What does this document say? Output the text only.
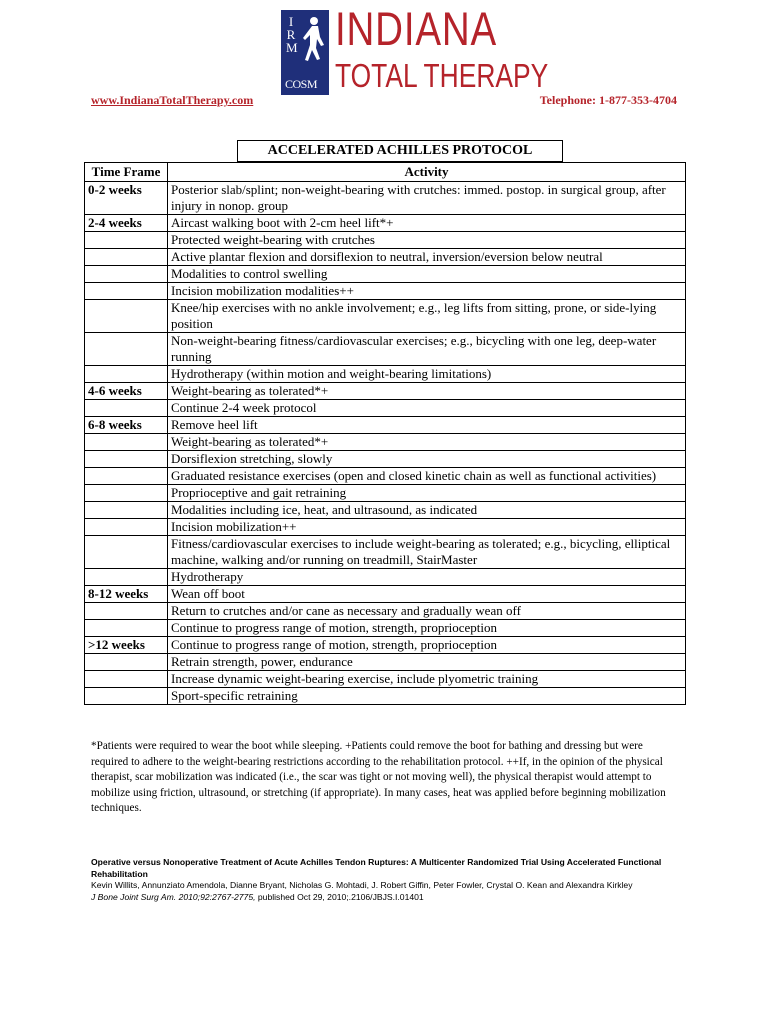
I
R
M
COSM
INDIANA
TOTAL THERAPY
www.IndianaTotalTherapy.com	Telephone: 1-877-353-4704
ACCELERATED ACHILLES PROTOCOL
Time Frame	Activity
0-2 weeks	Posterior slab/splint; non-weight-bearing with crutches: immed. postop. in surgical group, after injury in nonop. group
2-4 weeks	Aircast walking boot with 2-cm heel lift*+
	Protected weight-bearing with crutches
	Active plantar flexion and dorsiflexion to neutral, inversion/eversion below neutral
	Modalities to control swelling
	Incision mobilization modalities++
	Knee/hip exercises with no ankle involvement; e.g., leg lifts from sitting, prone, or side-lying position
	Non-weight-bearing fitness/cardiovascular exercises; e.g., bicycling with one leg, deep-water running
	Hydrotherapy (within motion and weight-bearing limitations)
4-6 weeks	Weight-bearing as tolerated*+
	Continue 2-4 week protocol
6-8 weeks	Remove heel lift
	Weight-bearing as tolerated*+
	Dorsiflexion stretching, slowly
	Graduated resistance exercises (open and closed kinetic chain as well as functional activities)
	Proprioceptive and gait retraining
	Modalities including ice, heat, and ultrasound, as indicated
	Incision mobilization++
	Fitness/cardiovascular exercises to include weight-bearing as tolerated; e.g., bicycling, elliptical machine, walking and/or running on treadmill, StairMaster
	Hydrotherapy
8-12 weeks	Wean off boot
	Return to crutches and/or cane as necessary and gradually wean off
	Continue to progress range of motion, strength, proprioception
>12 weeks	Continue to progress range of motion, strength, proprioception
	Retrain strength, power, endurance
	Increase dynamic weight-bearing exercise, include plyometric training
	Sport-specific retraining
*Patients were required to wear the boot while sleeping. +Patients could remove the boot for bathing and dressing but were required to adhere to the weight-bearing restrictions according to the rehabilitation protocol. ++If, in the opinion of the physical therapist, scar mobilization was indicated (i.e., the scar was tight or not moving well), the physical therapist would attempt to mobilize using friction, ultrasound, or stretching (if appropriate). In many cases, heat was applied before beginning mobilization techniques.
Operative versus Nonoperative Treatment of Acute Achilles Tendon Ruptures: A Multicenter Randomized Trial Using Accelerated Functional Rehabilitation
Kevin Willits, Annunziato Amendola, Dianne Bryant, Nicholas G. Mohtadi, J. Robert Giffin, Peter Fowler, Crystal O. Kean and Alexandra Kirkley
J Bone Joint Surg Am. 2010;92:2767-2775, published Oct 29, 2010;.2106/JBJS.I.01401
